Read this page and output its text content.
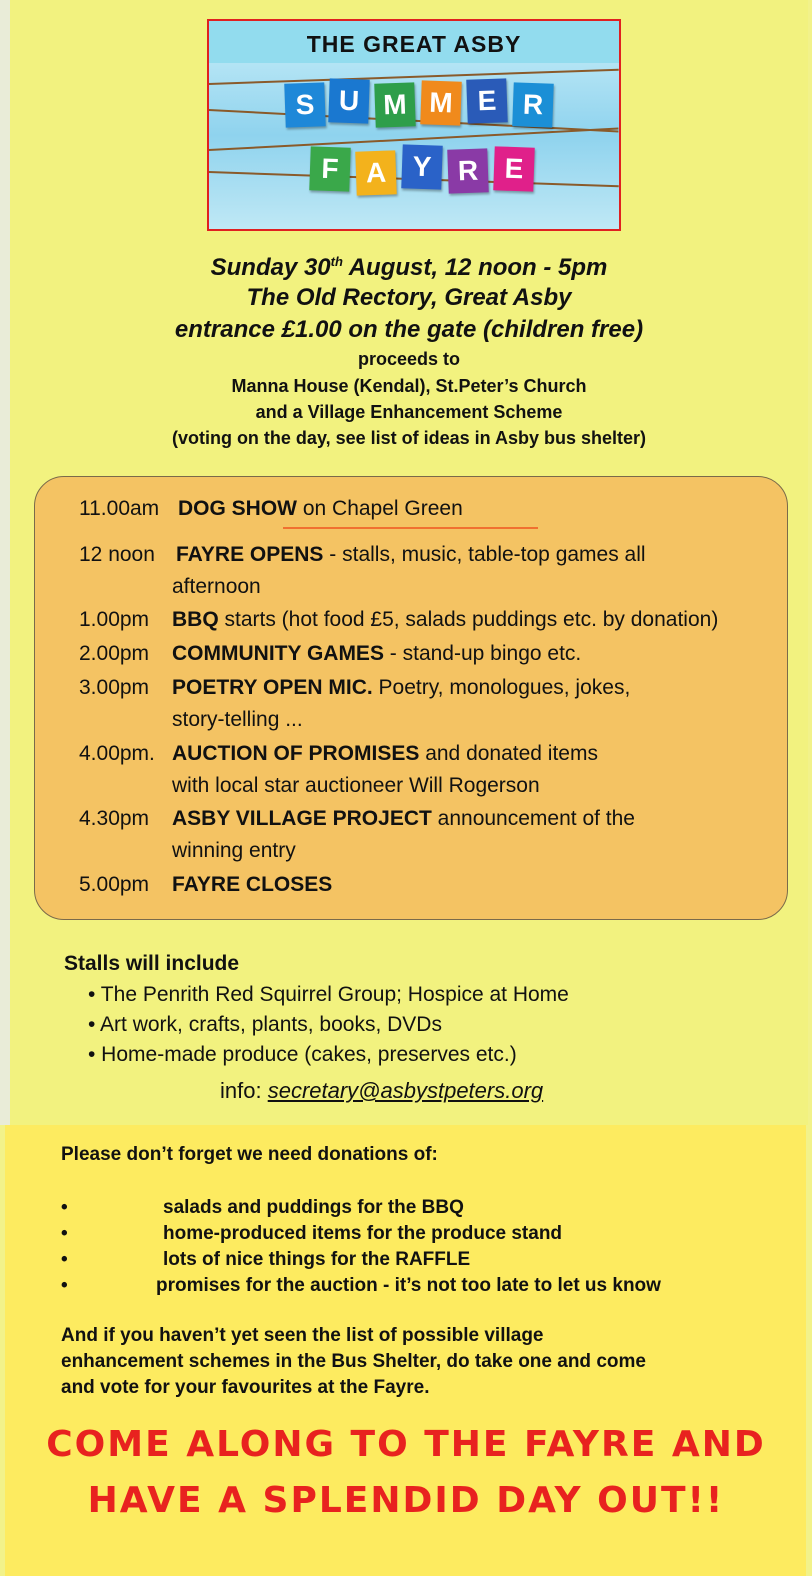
THE GREAT ASBY
S U M M E R
F A Y R E
Sunday 30th August, 12 noon - 5pm
The Old Rectory, Great Asby
entrance £1.00 on the gate (children free)
proceeds to
Manna House (Kendal), St.Peter’s Church
and a Village Enhancement Scheme
(voting on the day, see list of ideas in Asby bus shelter)
11.00am DOG SHOW on Chapel Green
12 noon FAYRE OPENS - stalls, music, table-top games all
afternoon
1.00pm BBQ starts (hot food £5, salads puddings etc. by donation)
2.00pm COMMUNITY GAMES - stand-up bingo etc.
3.00pm POETRY OPEN MIC. Poetry, monologues, jokes,
story-telling ...
4.00pm. AUCTION OF PROMISES and donated items
with local star auctioneer Will Rogerson
4.30pm ASBY VILLAGE PROJECT announcement of the
winning entry
5.00pm FAYRE CLOSES
Stalls will include
• The Penrith Red Squirrel Group; Hospice at Home
• Art work, crafts, plants, books, DVDs
• Home-made produce (cakes, preserves etc.)
info: secretary@asbystpeters.org
Please don’t forget we need donations of:
•	salads and puddings for the BBQ
•	home-produced items for the produce stand
•	lots of nice things for the RAFFLE
•	promises for the auction - it’s not too late to let us know
And if you haven’t yet seen the list of possible village
enhancement schemes in the Bus Shelter, do take one and come
and vote for your favourites at the Fayre.
COME ALONG TO THE FAYRE AND
HAVE A SPLENDID DAY OUT!!
